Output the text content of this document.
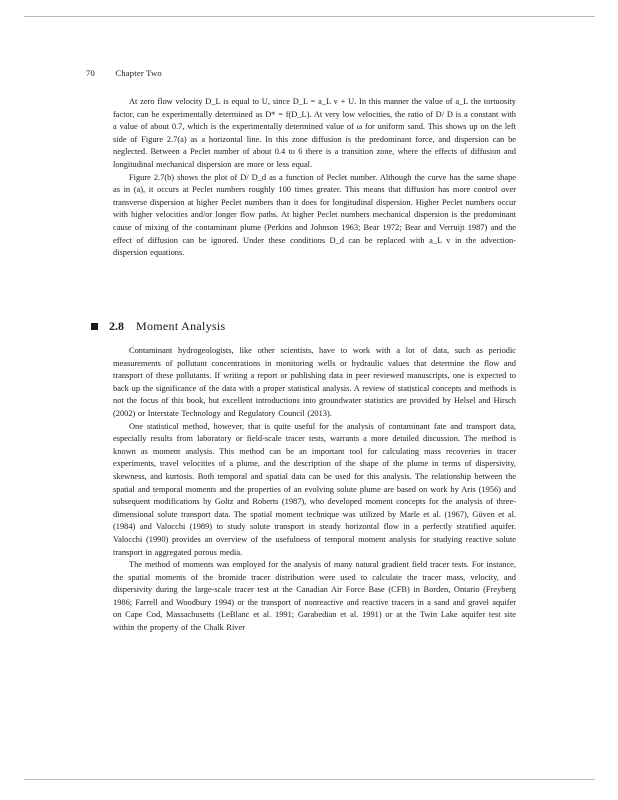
70 Chapter Two

At zero flow velocity D_L is equal to U, since D_L = a_L v + U. In this manner the value of a_L the tortuosity factor, can be experimentally determined as D* = f(D_L). At very low velocities, the ratio of D/ D is a constant with a value of about 0.7, which is the experimentally determined value of ω for uniform sand. This shows up on the left side of Figure 2.7(a) as a horizontal line. In this zone diffusion is the predominant force, and dispersion can be neglected. Between a Peclet number of about 0.4 to 6 there is a transition zone, where the effects of diffusion and longitudinal mechanical dispersion are more or less equal.

Figure 2.7(b) shows the plot of D/ D_d as a function of Peclet number. Although the curve has the same shape as in (a), it occurs at Peclet numbers roughly 100 times greater. This means that diffusion has more control over transverse dispersion at higher Peclet numbers than it does for longitudinal dispersion. Higher Peclet numbers occur with higher velocities and/or longer flow paths. At higher Peclet numbers mechanical dispersion is the predominant cause of mixing of the contaminant plume (Perkins and Johnson 1963; Bear 1972; Bear and Verruijt 1987) and the effect of diffusion can be ignored. Under these conditions D_d can be replaced with a_L v in the advection-dispersion equations.

2.8 Moment Analysis

Contaminant hydrogeologists, like other scientists, have to work with a lot of data, such as periodic measurements of pollutant concentrations in monitoring wells or hydraulic values that determine the flow and transport of these pollutants. If writing a report or publishing data in peer reviewed manuscripts, one is expected to back up the significance of the data with a proper statistical analysis. A review of statistical concepts and methods is not the focus of this book, but excellent introductions into groundwater statistics are provided by Helsel and Hirsch (2002) or Interstate Technology and Regulatory Council (2013).

One statistical method, however, that is quite useful for the analysis of contaminant fate and transport data, especially results from laboratory or field-scale tracer tests, warrants a more detailed discussion. The method is known as moment analysis. This method can be an important tool for calculating mass recoveries in tracer experiments, travel velocities of a plume, and the description of the shape of the plume in terms of dispersivity, skewness, and kurtosis. Both temporal and spatial data can be used for this analysis. The relationship between the spatial and temporal moments and the properties of an evolving solute plume are based on work by Aris (1956) and subsequent modifications by Goltz and Roberts (1987), who developed moment concepts for the analysis of three-dimensional solute transport data. The spatial moment technique was utilized by Marle et al. (1967), Güven et al. (1984) and Valocchi (1989) to study solute transport in steady horizontal flow in a perfectly stratified aquifer. Valocchi (1990) provides an overview of the usefulness of temporal moment analysis for studying reactive solute transport in aggregated porous media.

The method of moments was employed for the analysis of many natural gradient field tracer tests. For instance, the spatial moments of the bromide tracer distribution were used to calculate the tracer mass, velocity, and dispersivity during the large-scale tracer test at the Canadian Air Force Base (CFB) in Borden, Ontario (Freyberg 1986; Farrell and Woodbury 1994) or the transport of nonreactive and reactive tracers in a sand and gravel aquifer on Cape Cod, Massachusetts (LeBlanc et al. 1991; Garabedian et al. 1991) or at the Twin Lake aquifer test site within the property of the Chalk River
